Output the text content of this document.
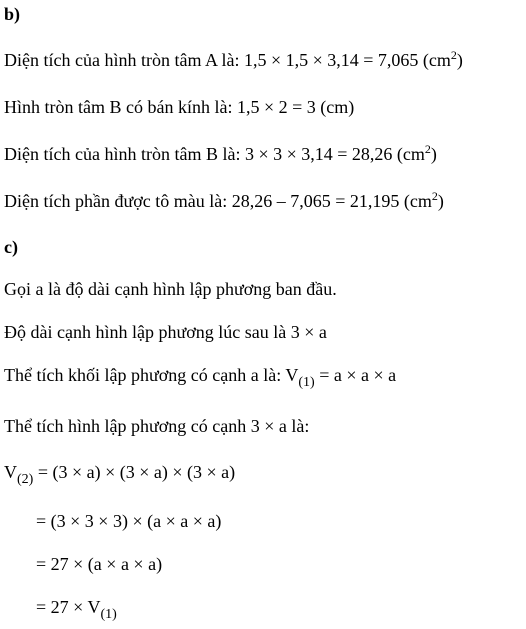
b)
Diện tích của hình tròn tâm A là: 1,5 × 1,5 × 3,14 = 7,065 $(cm^2)$
Hình tròn tâm B có bán kính là: 1,5 × 2 = 3 (cm)
Diện tích của hình tròn tâm B là: 3 × 3 × 3,14 = 28,26 $(cm^2)$
Diện tích phần được tô màu là: 28,26 – 7,065 = 21,195 $(cm^2)$
c)
Gọi a là độ dài cạnh hình lập phương ban đầu.
Độ dài cạnh hình lập phương lúc sau là 3 × a
Thể tích khối lập phương có cạnh a là: $V_{(1)} = a \times a \times a$
Thể tích hình lập phương có cạnh 3 × a là:
$V_{(2)} = (3 \times a) \times (3 \times a) \times (3 \times a)$
= (3 × 3 × 3) × (a × a × a)
= 27 × (a × a × a)
= $27 \times V_{(1)}$
